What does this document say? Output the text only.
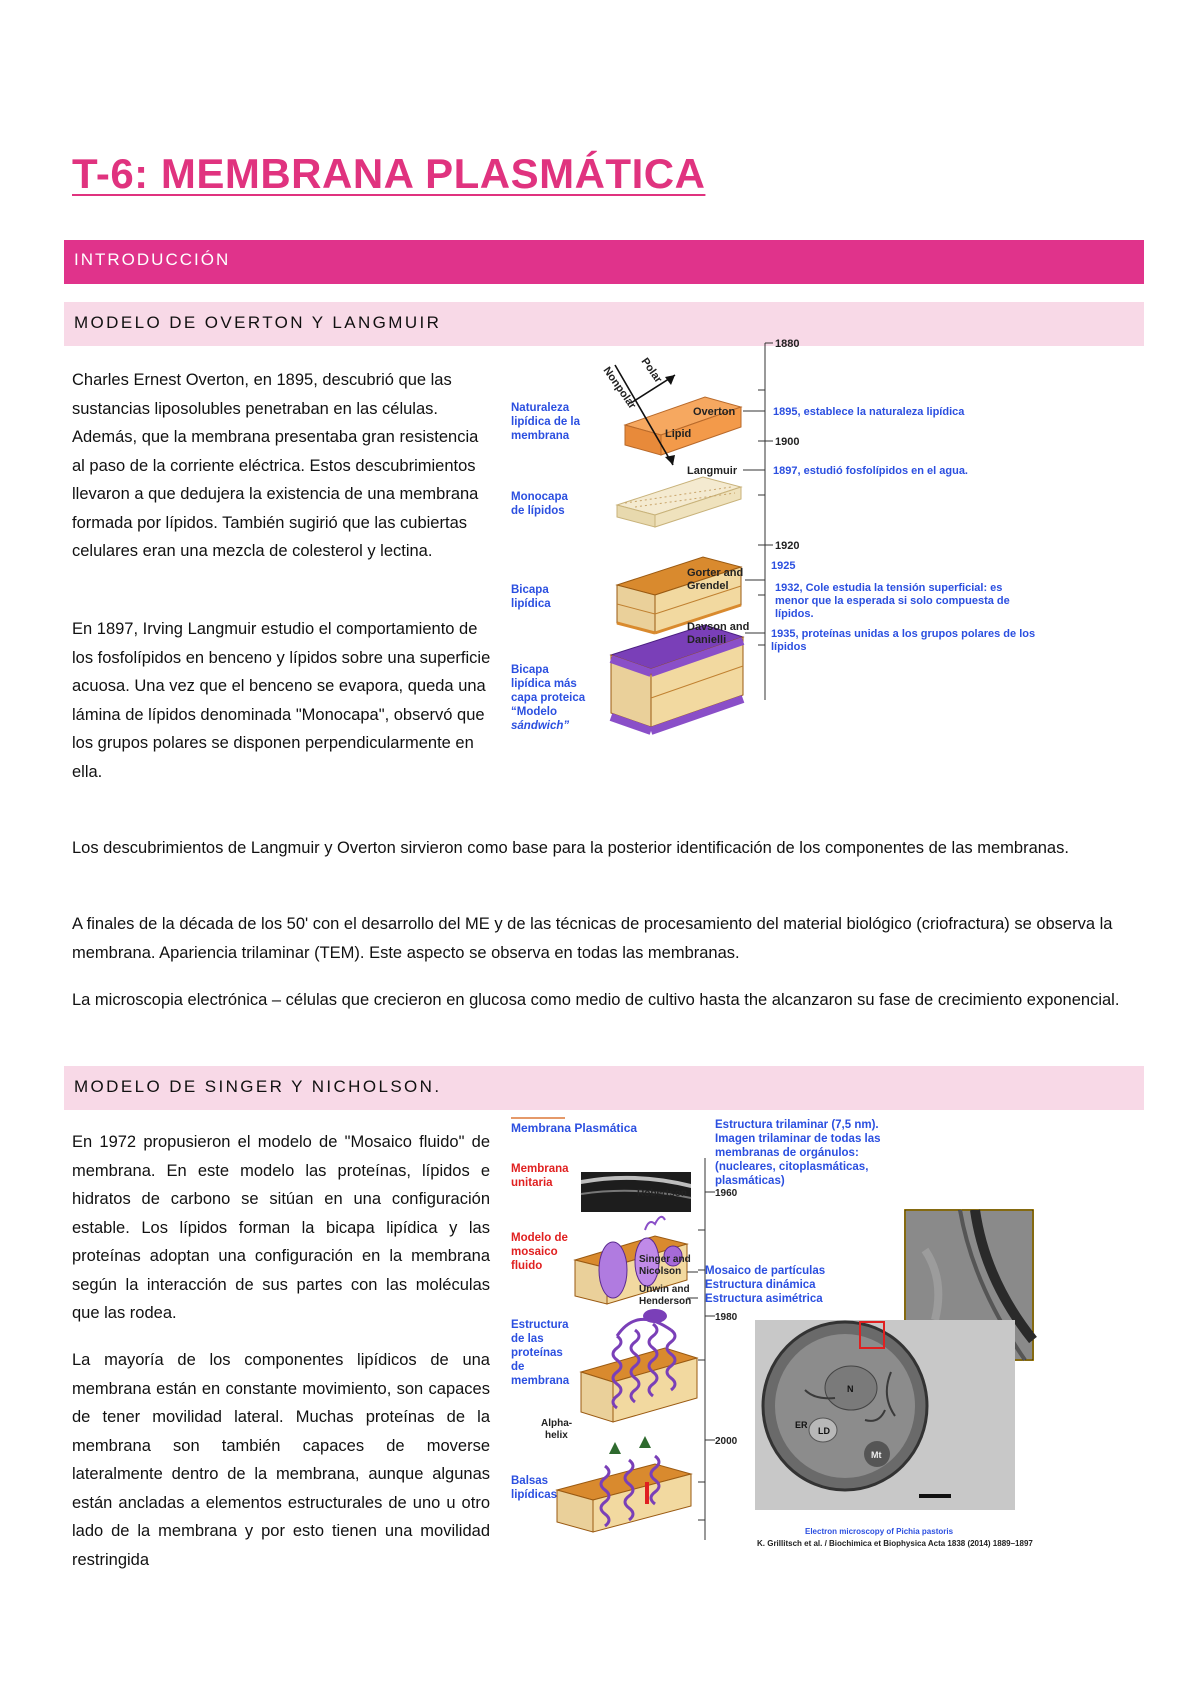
T-6: MEMBRANA PLASMÁTICA
INTRODUCCIÓN
MODELO DE OVERTON Y LANGMUIR

Charles Ernest Overton, en 1895, descubrió que las sustancias liposolubles penetraban en las células. Además, que la membrana presentaba gran resistencia al paso de la corriente eléctrica. Estos descubrimientos llevaron a que dedujera la existencia de una membrana formada por lípidos. También sugirió que las cubiertas celulares eran una mezcla de colesterol y lectina.

En 1897, Irving Langmuir estudio el comportamiento de los fosfolípidos en benceno y lípidos sobre una superficie acuosa. Una vez que el benceno se evapora, queda una lámina de lípidos denominada "Monocapa", observó que los grupos polares se disponen perpendicularmente en ella.

Naturaleza
lipídica de la
membrana
Monocapa
de lípidos
Bicapa
lipídica
Bicapa
lipídica más
capa proteica
“Modelo
sándwich”
Lipid
Nonpolar Polar
1880
1900
1920
Overton
Langmuir
Gorter and
Grendel
Davson and
Danielli
1895, establece la naturaleza lipídica
1897, estudió fosfolípidos en el agua.
1925
1932, Cole estudia la tensión superficial: es
menor que la esperada si solo compuesta de
lípidos.
1935, proteínas unidas a los grupos polares de los
lípidos

Los descubrimientos de Langmuir y Overton sirvieron como base para la posterior identificación de los componentes de las membranas.

A finales de la década de los 50' con el desarrollo del ME y de las técnicas de procesamiento del material biológico (criofractura) se observa la membrana. Apariencia trilaminar (TEM). Este aspecto se observa en todas las membranas.

La microscopia electrónica – células que crecieron en glucosa como medio de cultivo hasta the alcanzaron su fase de crecimiento exponencial.

MODELO DE SINGER Y NICHOLSON.

En 1972 propusieron el modelo de "Mosaico fluido" de membrana. En este modelo las proteínas, lípidos e hidratos de carbono se sitúan en una configuración estable. Los lípidos forman la bicapa lipídica y las proteínas adoptan una configuración en la membrana según la interacción de sus partes con las moléculas que las rodea.

La mayoría de los componentes lipídicos de una membrana están en constante movimiento, son capaces de tener movilidad lateral. Muchas proteínas de la membrana son también capaces de moverse lateralmente dentro de la membrana, aunque algunas están ancladas a elementos estructurales de uno u otro lado de la membrana y por esto tienen una movilidad restringida

Membrana Plasmática
Membrana
unitaria
Modelo de
mosaico
fluido
Estructura
de las
proteínas
de
membrana
Balsas
lipídicas
Alpha-
helix
Robertson	1960
Singer and
Nicolson
Unwin and
Henderson
1980
2000
Estructura trilaminar (7,5 nm).
Imagen trilaminar de todas las
membranas de orgánulos:
(nucleares, citoplasmáticas,
plasmáticas)
Mosaico de partículas
Estructura dinámica
Estructura asimétrica
N
ER
LD
Mt
Electron microscopy of Pichia pastoris
K. Grillitsch et al. / Biochimica et Biophysica Acta 1838 (2014) 1889–1897
